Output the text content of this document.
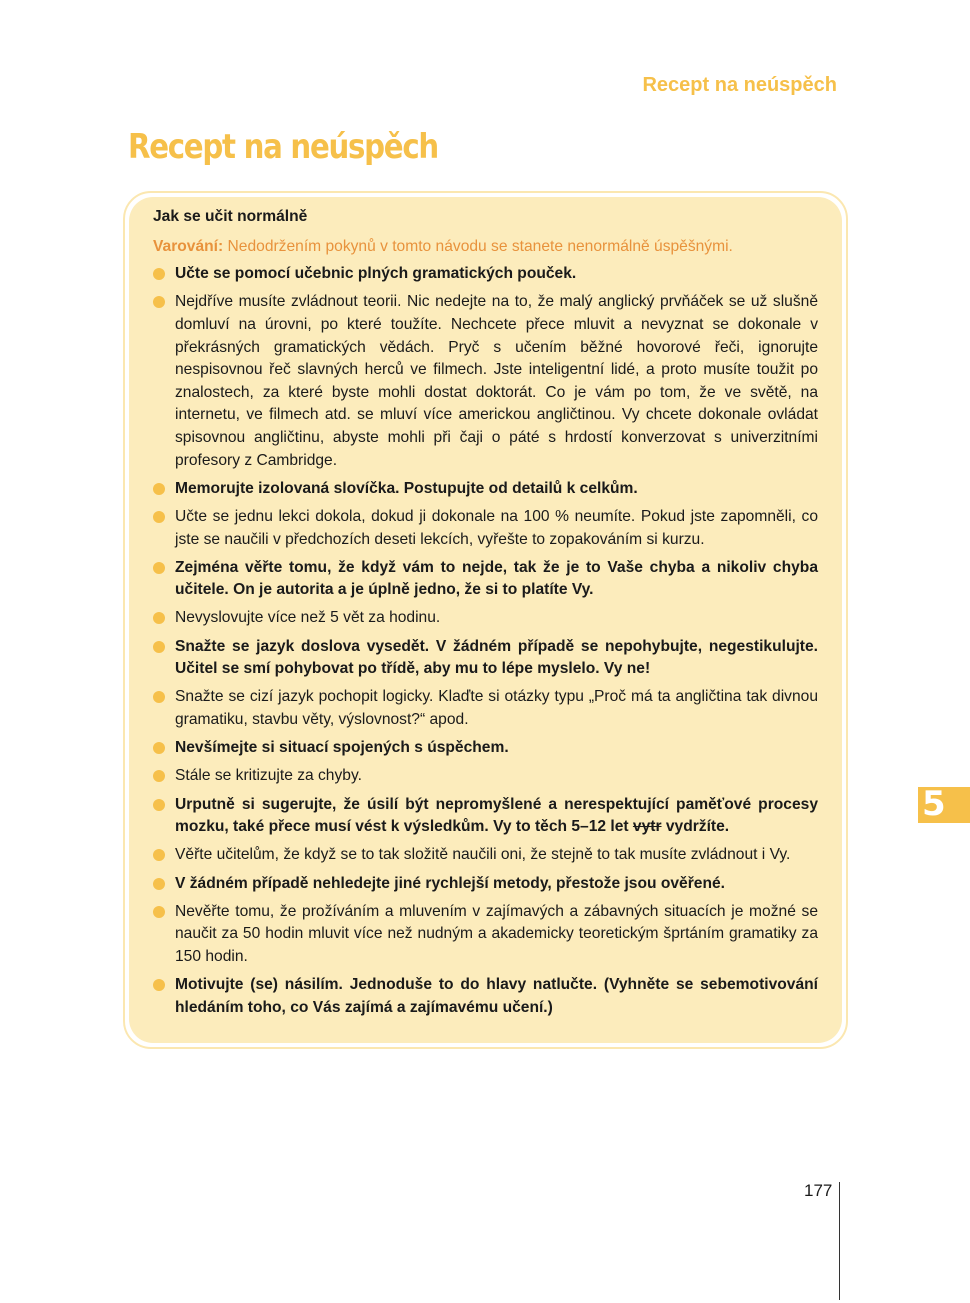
Recept na neúspěch
Recept na neúspěch
Jak se učit normálně
Varování: Nedodržením pokynů v tomto návodu se stanete nenormálně úspěšnými.
Učte se pomocí učebnic plných gramatických pouček.
Nejdříve musíte zvládnout teorii. Nic nedejte na to, že malý anglický prvňáček se už slušně domluví na úrovni, po které toužíte. Nechcete přece mluvit a nevyznat se dokonale v překrásných gramatických vědách. Pryč s učením běžné hovorové řeči, ignorujte nespisovnou řeč slavných herců ve filmech. Jste inteligentní lidé, a proto musíte toužit po znalostech, za které byste mohli dostat doktorát. Co je vám po tom, že ve světě, na internetu, ve filmech atd. se mluví více americkou angličtinou. Vy chcete dokonale ovládat spisovnou angličtinu, abyste mohli při čaji o páté s hrdostí konverzovat s univerzitními profesory z Cambridge.
Memorujte izolovaná slovíčka. Postupujte od detailů k celkům.
Učte se jednu lekci dokola, dokud ji dokonale na 100 % neumíte. Pokud jste zapomněli, co jste se naučili v předchozích deseti lekcích, vyřešte to zopakováním si kurzu.
Zejména věřte tomu, že když vám to nejde, tak že je to Vaše chyba a nikoliv chyba učitele. On je autorita a je úplně jedno, že si to platíte Vy.
Nevyslovujte více než 5 vět za hodinu.
Snažte se jazyk doslova vysedět. V žádném případě se nepohybujte, negestikulujte. Učitel se smí pohybovat po třídě, aby mu to lépe myslelo. Vy ne!
Snažte se cizí jazyk pochopit logicky. Klaďte si otázky typu „Proč má ta angličtina tak divnou gramatiku, stavbu věty, výslovnost?“ apod.
Nevšímejte si situací spojených s úspěchem.
Stále se kritizujte za chyby.
Urputně si sugerujte, že úsilí být nepromyšlené a nerespektující paměťové procesy mozku, také přece musí vést k výsledkům. Vy to těch 5–12 let vytr vydržíte.
Věřte učitelům, že když se to tak složitě naučili oni, že stejně to tak musíte zvládnout i Vy.
V žádném případě nehledejte jiné rychlejší metody, přestože jsou ověřené.
Nevěřte tomu, že prožíváním a mluvením v zajímavých a zábavných situacích je možné se naučit za 50 hodin mluvit více než nudným a akademicky teoretickým šprtáním gramatiky za 150 hodin.
Motivujte (se) násilím. Jednoduše to do hlavy natlučte. (Vyhněte se sebemotivování hledáním toho, co Vás zajímá a zajímavému učení.)
5
177
